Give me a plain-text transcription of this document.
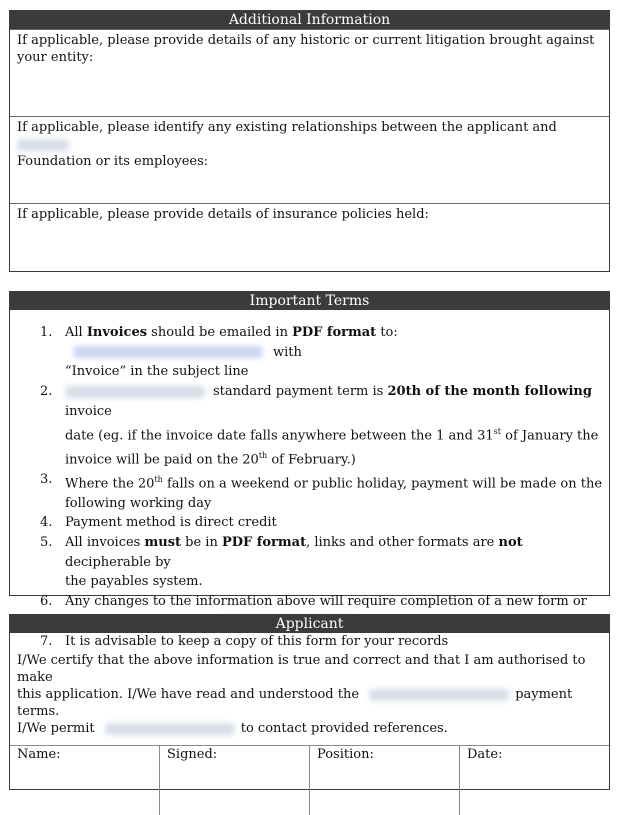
Additional Information
If applicable, please provide details of any historic or current litigation brought against your entity:
If applicable, please identify any existing relationships between the applicant and
Foundation or its employees:
If applicable, please provide details of insurance policies held:
Important Terms
1. All Invoices should be emailed in PDF format to: with
“Invoice” in the subject line
2.	standard payment term is 20th of the month following invoice
date (eg. if the invoice date falls anywhere between the 1 and 31st of January the
invoice will be paid on the 20th of February.)
3. Where the 20th falls on a weekend or public holiday, payment will be made on the
following working day
4. Payment method is direct credit
5. All invoices must be in PDF format, links and other formats are not decipherable by
the payables system.
6. Any changes to the information above will require completion of a new form or

7. It is advisable to keep a copy of this form for your records
Applicant
I/We certify that the above information is true and correct and that I am authorised to make
this application. I/We have read and understood the	payment terms.
I/We permit	to contact provided references.
Name:	Signed:	Position:	Date:
